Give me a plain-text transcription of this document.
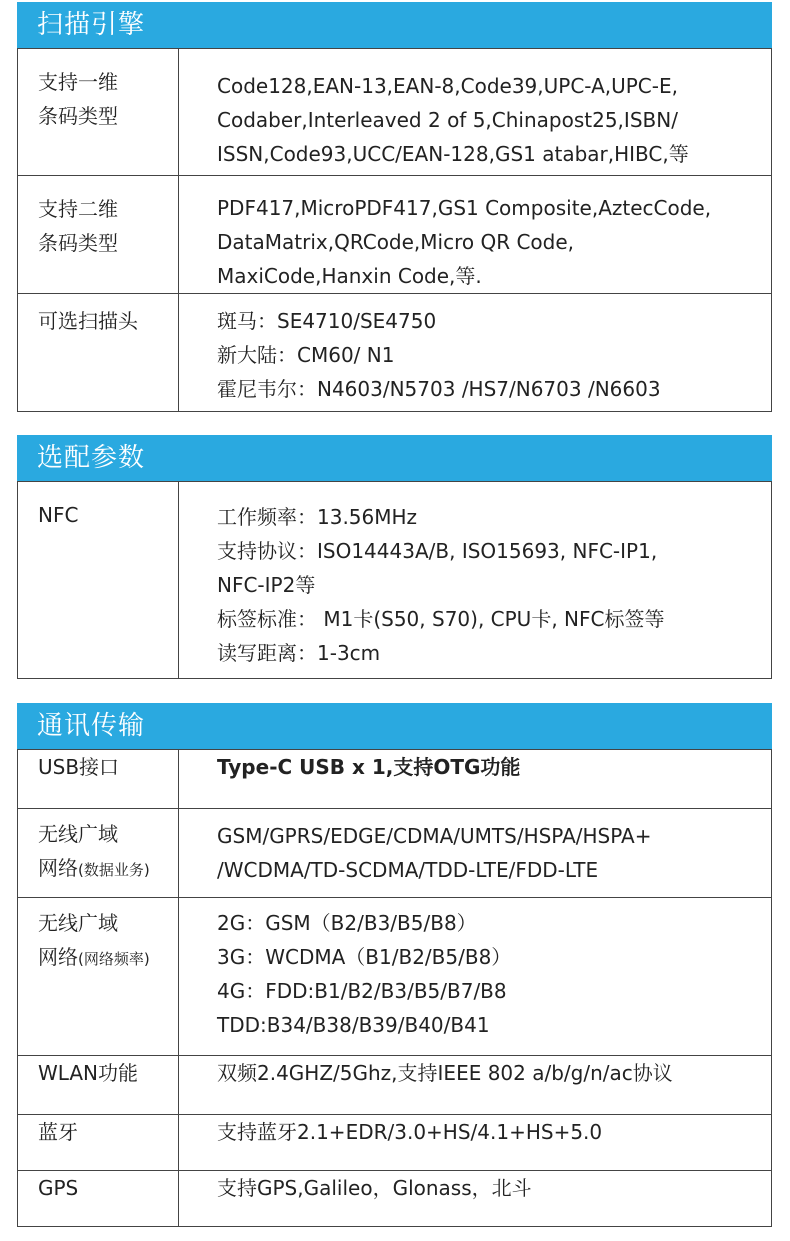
扫描引擎
支持一维
条码类型	Code128,EAN-13,EAN-8,Code39,UPC-A,UPC-E,
Codaber,Interleaved 2 of 5,Chinapost25,ISBN/
ISSN,Code93,UCC/EAN-128,GS1 atabar,HIBC,等

支持二维
条码类型	PDF417,MicroPDF417,GS1 Composite,AztecCode,
DataMatrix,QRCode,Micro QR Code,
MaxiCode,Hanxin Code,等.

可选扫描头	斑马：SE4710/SE4750
新大陆：CM60/ N1
霍尼韦尔：N4603/N5703 /HS7/N6703 /N6603
选配参数
NFC	工作频率：13.56MHz
支持协议：ISO14443A/B, ISO15693, NFC-IP1,
NFC-IP2等
标签标准： M1卡(S50, S70), CPU卡, NFC标签等
读写距离：1-3cm
通讯传输
USB接口	Type-C USB x 1,支持OTG功能

无线广域
网络(数据业务)	GSM/GPRS/EDGE/CDMA/UMTS/HSPA/HSPA+
/WCDMA/TD-SCDMA/TDD-LTE/FDD-LTE

无线广域
网络(网络频率)	2G：GSM（B2/B3/B5/B8）
3G：WCDMA（B1/B2/B5/B8）
4G：FDD:B1/B2/B3/B5/B7/B8
TDD:B34/B38/B39/B40/B41

WLAN功能	双频2.4GHZ/5Ghz,支持IEEE 802 a/b/g/n/ac协议
蓝牙	支持蓝牙2.1+EDR/3.0+HS/4.1+HS+5.0
GPS	支持GPS,Galileo，Glonass，北斗
